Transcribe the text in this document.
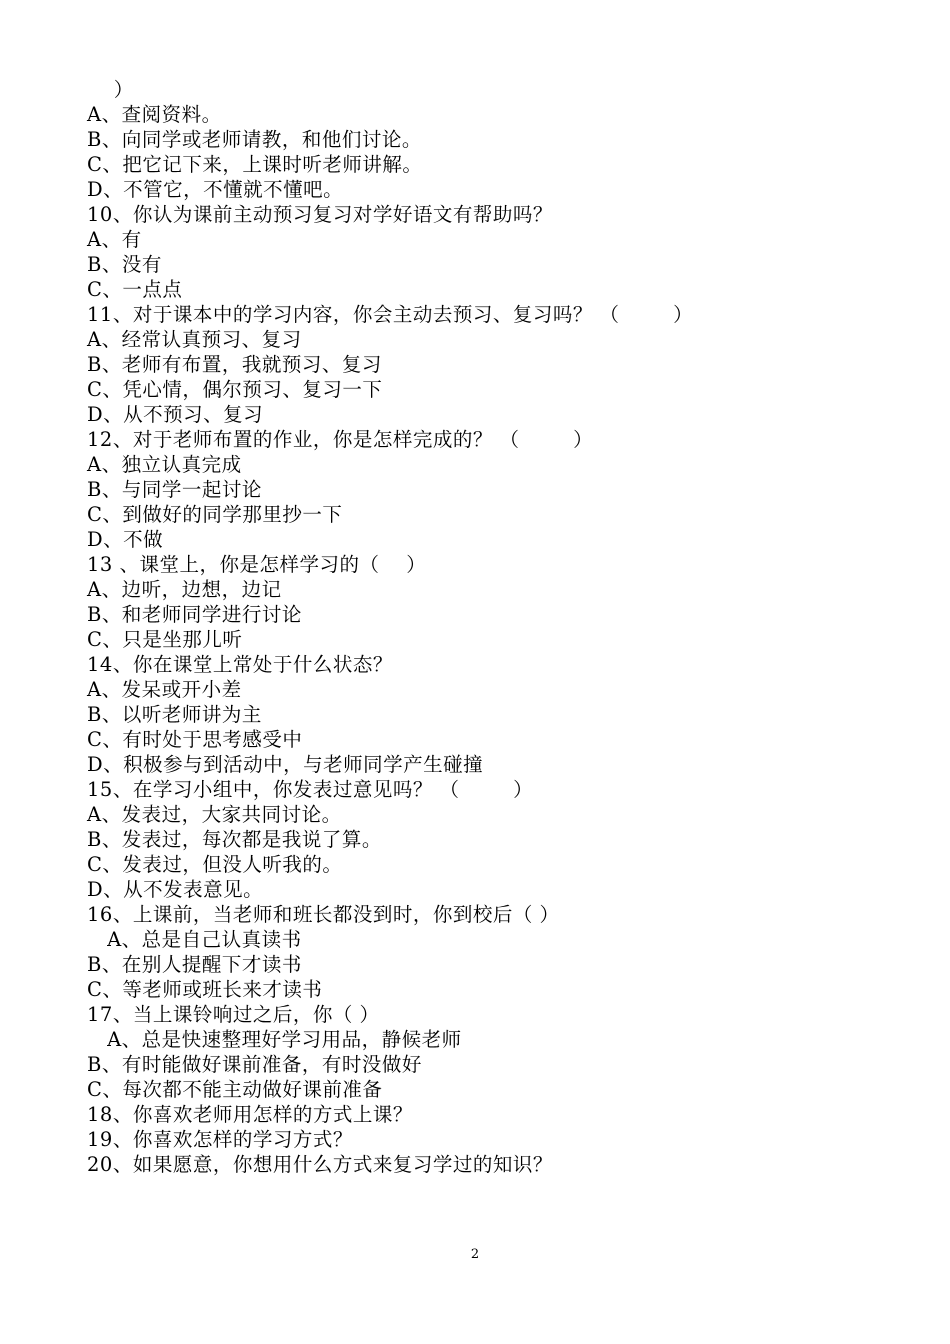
）
A、查阅资料。
B、向同学或老师请教，和他们讨论。
C、把它记下来，上课时听老师讲解。
D、不管它，不懂就不懂吧。
10、你认为课前主动预习复习对学好语文有帮助吗？
A、有
B、没有
C、一点点
11、对于课本中的学习内容，你会主动去预习、复习吗？ （        ）
A、经常认真预习、复习
B、老师有布置，我就预习、复习
C、凭心情，偶尔预习、复习一下
D、从不预习、复习
12、对于老师布置的作业，你是怎样完成的？ （        ）
A、独立认真完成
B、与同学一起讨论
C、到做好的同学那里抄一下
D、不做
13 、课堂上，你是怎样学习的（    ）
A、边听，边想，边记
B、和老师同学进行讨论
C、只是坐那儿听
14、你在课堂上常处于什么状态？
A、发呆或开小差
B、以听老师讲为主
C、有时处于思考感受中
D、积极参与到活动中，与老师同学产生碰撞
15、在学习小组中，你发表过意见吗？ （        ）
A、发表过，大家共同讨论。
B、发表过，每次都是我说了算。
C、发表过，但没人听我的。
D、从不发表意见。
16、上课前，当老师和班长都没到时，你到校后（ ）
A、总是自己认真读书
B、在别人提醒下才读书
C、等老师或班长来才读书
17、当上课铃响过之后，你（ ）
A、总是快速整理好学习用品，静候老师
B、有时能做好课前准备，有时没做好
C、每次都不能主动做好课前准备
18、你喜欢老师用怎样的方式上课？
19、你喜欢怎样的学习方式？
20、如果愿意，你想用什么方式来复习学过的知识？
2
